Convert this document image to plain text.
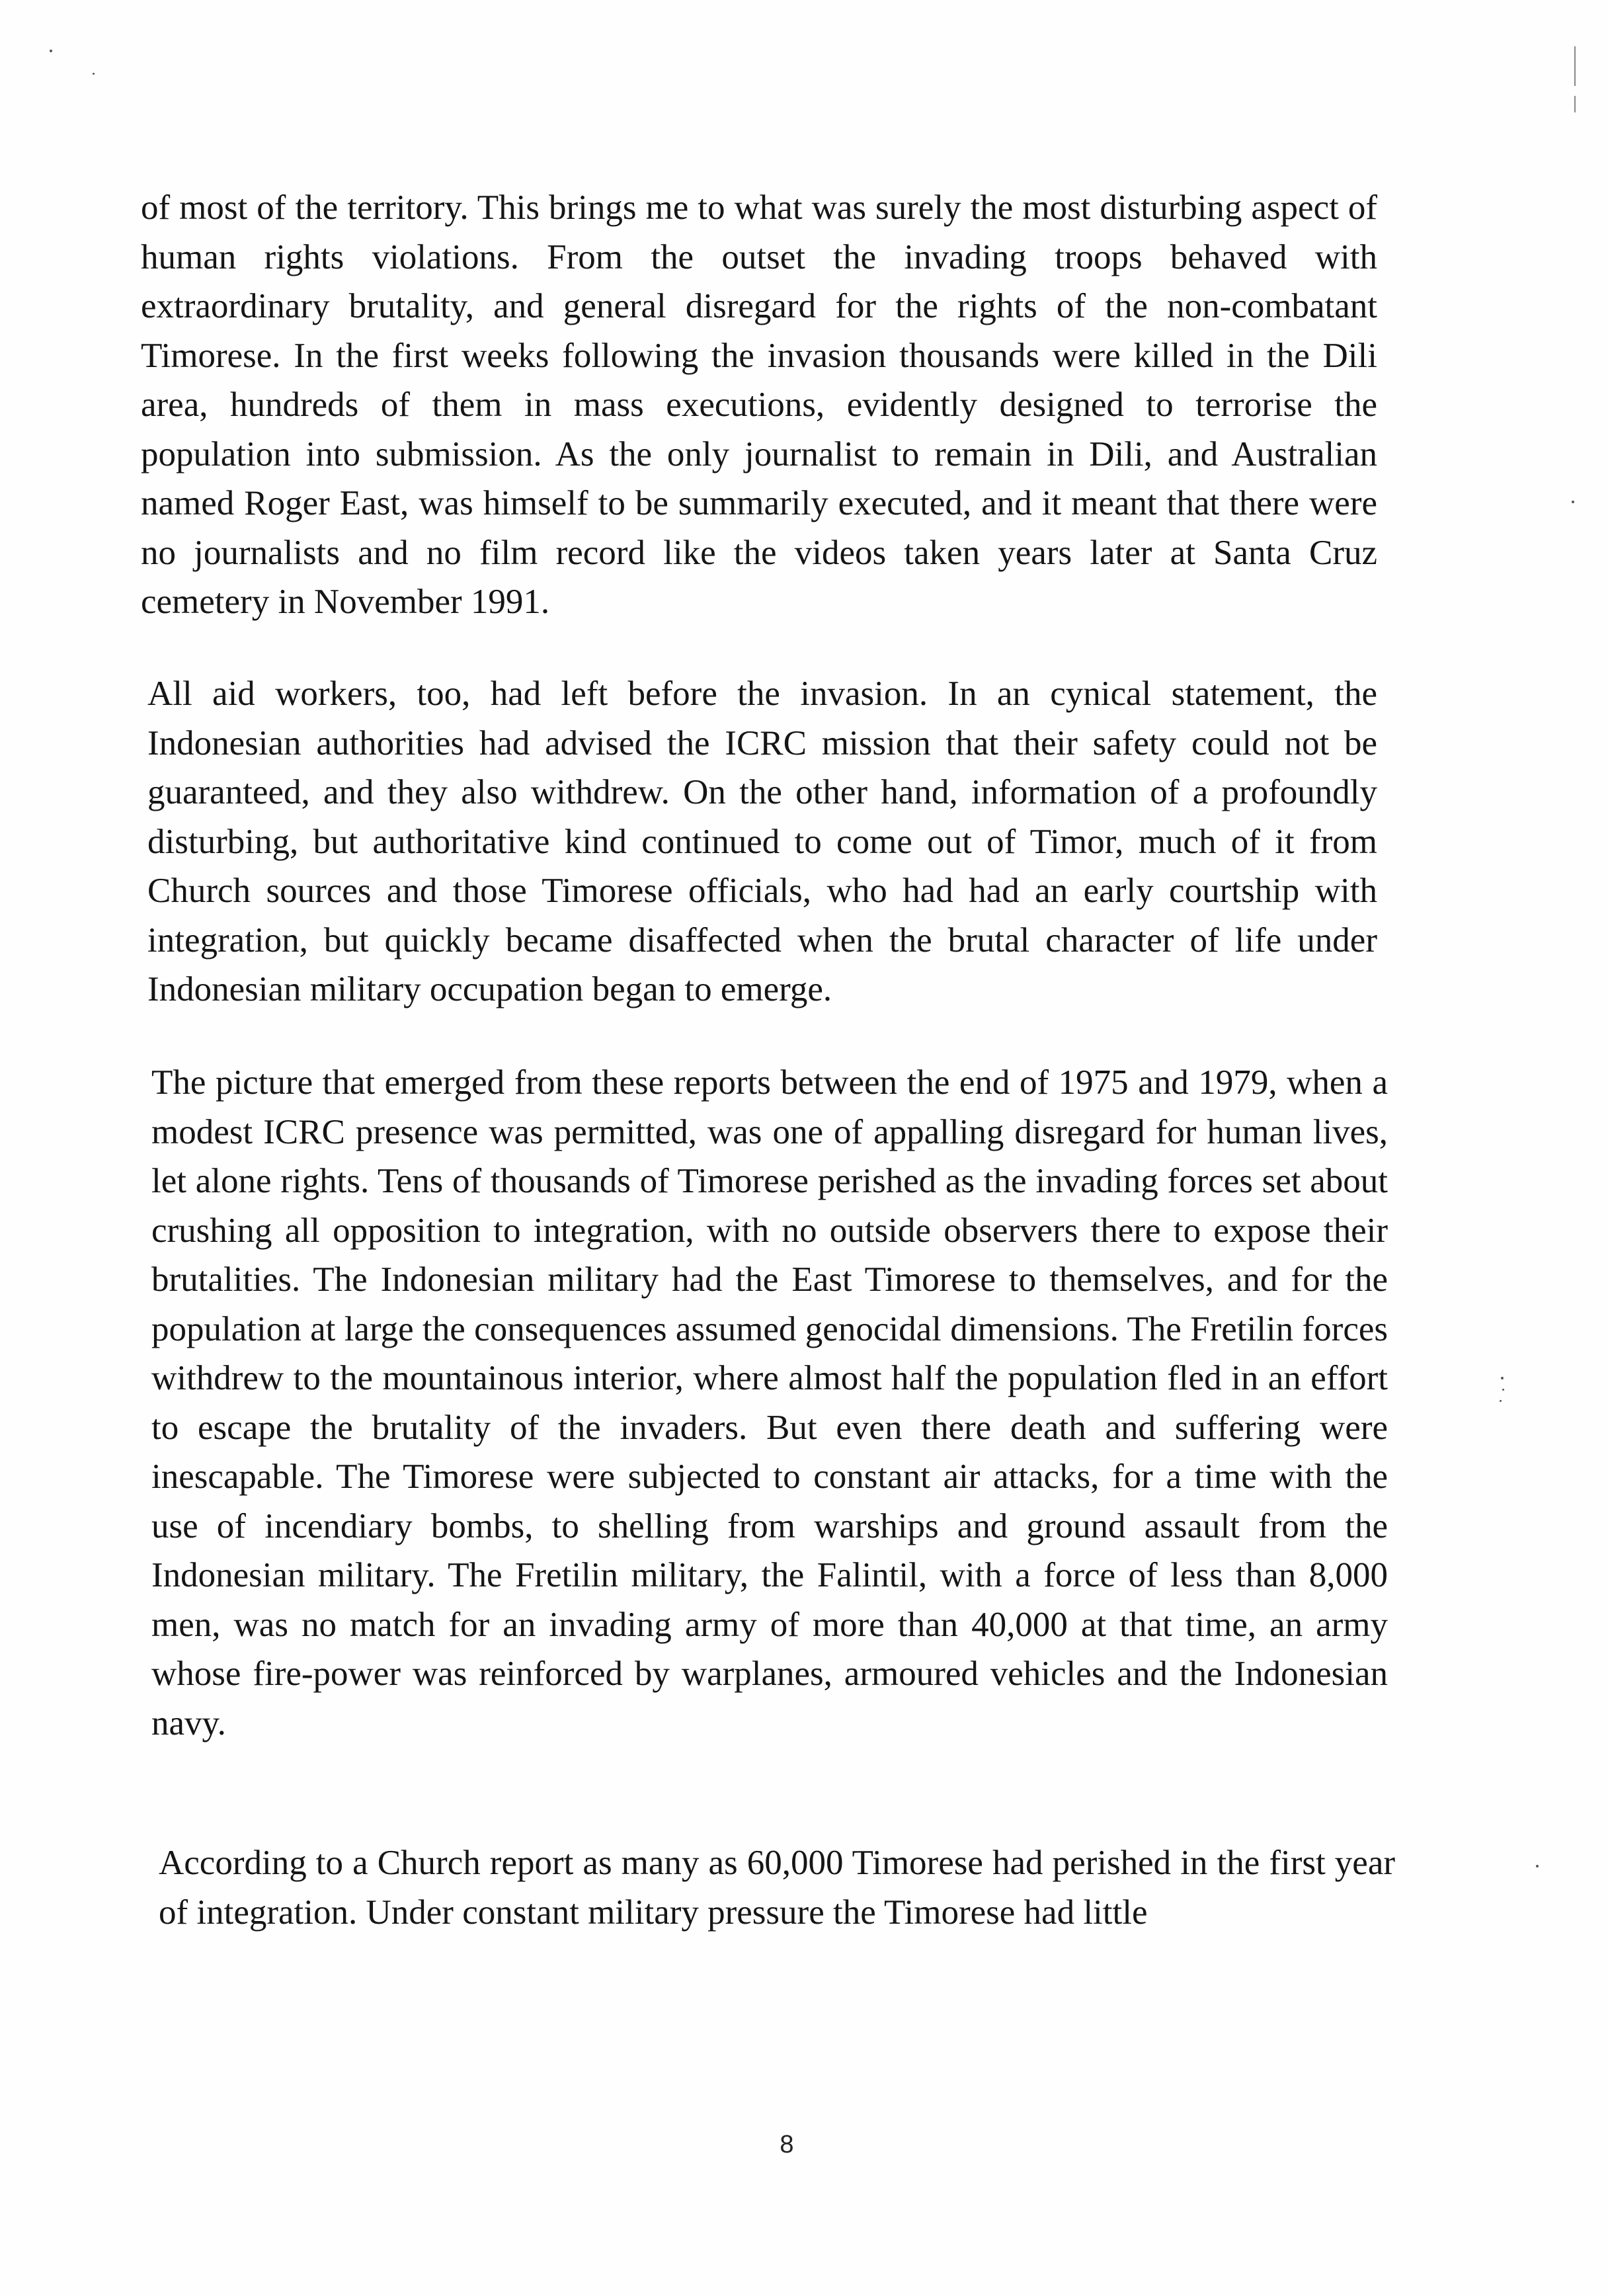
of most of the territory. This brings me to what was surely the most disturbing aspect of human rights violations. From the outset the invading troops behaved with extraordinary brutality, and general disregard for the rights of the non-combatant Timorese. In the first weeks following the invasion thousands were killed in the Dili area, hundreds of them in mass executions, evidently designed to terrorise the population into submission. As the only journalist to remain in Dili, and Australian named Roger East, was himself to be summarily executed, and it meant that there were no journalists and no film record like the videos taken years later at Santa Cruz cemetery in November 1991.

All aid workers, too, had left before the invasion. In an cynical statement, the Indonesian authorities had advised the ICRC mission that their safety could not be guaranteed, and they also withdrew. On the other hand, information of a profoundly disturbing, but authoritative kind continued to come out of Timor, much of it from Church sources and those Timorese officials, who had had an early courtship with integration, but quickly became disaffected when the brutal character of life under Indonesian military occupation began to emerge.

The picture that emerged from these reports between the end of 1975 and 1979, when a modest ICRC presence was permitted, was one of appalling disregard for human lives, let alone rights. Tens of thousands of Timorese perished as the invading forces set about crushing all opposition to integration, with no outside observers there to expose their brutalities. The Indonesian military had the East Timorese to themselves, and for the population at large the consequences assumed genocidal dimensions. The Fretilin forces withdrew to the mountainous interior, where almost half the population fled in an effort to escape the brutality of the invaders. But even there death and suffering were inescapable. The Timorese were subjected to constant air attacks, for a time with the use of incendiary bombs, to shelling from warships and ground assault from the Indonesian military. The Fretilin military, the Falintil, with a force of less than 8,000 men, was no match for an invading army of more than 40,000 at that time, an army whose fire-power was reinforced by warplanes, armoured vehicles and the Indonesian navy.

According to a Church report as many as 60,000 Timorese had perished in the first year of integration. Under constant military pressure the Timorese had little

8
